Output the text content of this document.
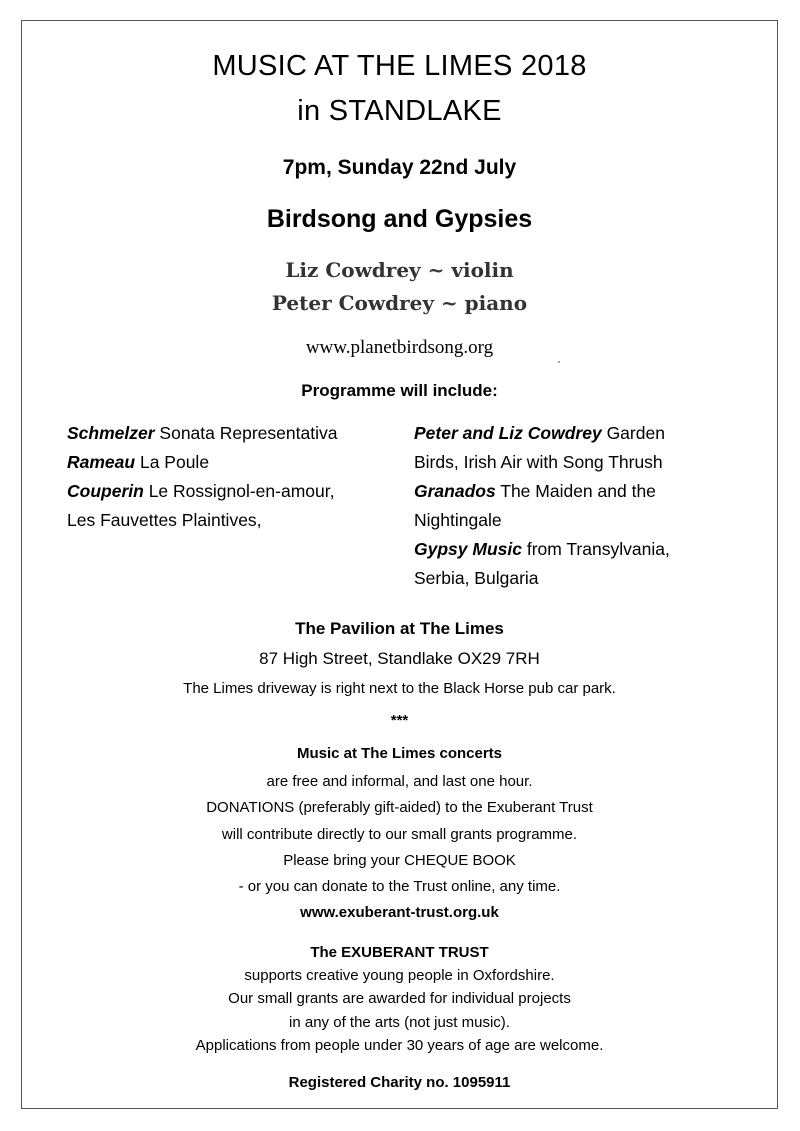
MUSIC AT THE LIMES 2018
in STANDLAKE
7pm, Sunday 22nd July
Birdsong and Gypsies
Liz Cowdrey ~ violin
Peter Cowdrey ~ piano
www.planetbirdsong.org
Programme will include:
Schmelzer Sonata Representativa
Rameau La Poule
Couperin Le Rossignol-en-amour,
Les Fauvettes Plaintives,
Peter and Liz Cowdrey Garden
Birds, Irish Air with Song Thrush
Granados The Maiden and the
Nightingale
Gypsy Music from Transylvania,
Serbia, Bulgaria
The Pavilion at The Limes
87 High Street, Standlake OX29 7RH
The Limes driveway is right next to the Black Horse pub car park.
***
Music at The Limes concerts
are free and informal, and last one hour.
DONATIONS (preferably gift-aided) to the Exuberant Trust
will contribute directly to our small grants programme.
Please bring your CHEQUE BOOK
- or you can donate to the Trust online, any time.
www.exuberant-trust.org.uk
The EXUBERANT TRUST
supports creative young people in Oxfordshire.
Our small grants are awarded for individual projects
in any of the arts (not just music).
Applications from people under 30 years of age are welcome.
Registered Charity no. 1095911
